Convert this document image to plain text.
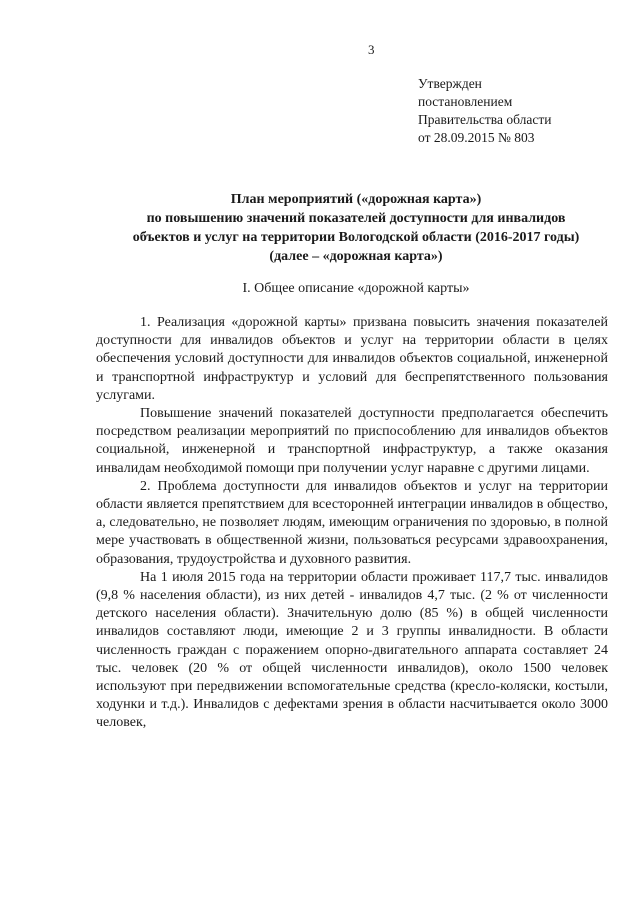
3
Утвержден
постановлением
Правительства области
от 28.09.2015 № 803
План мероприятий («дорожная карта»)
по повышению значений показателей доступности для инвалидов
объектов и услуг на территории Вологодской области (2016-2017 годы)
(далее – «дорожная карта»)
I. Общее описание «дорожной карты»

1. Реализация «дорожной карты» призвана повысить значения показателей доступности для инвалидов объектов и услуг на территории области в целях обеспечения условий доступности для инвалидов объектов социальной, инженерной и транспортной инфраструктур и условий для беспрепятственного пользования услугами.

Повышение значений показателей доступности предполагается обеспечить посредством реализации мероприятий по приспособлению для инвалидов объектов социальной, инженерной и транспортной инфраструктур, а также оказания инвалидам необходимой помощи при получении услуг наравне с другими лицами.

2. Проблема доступности для инвалидов объектов и услуг на территории области является препятствием для всесторонней интеграции инвалидов в общество, а, следовательно, не позволяет людям, имеющим ограничения по здоровью, в полной мере участвовать в общественной жизни, пользоваться ресурсами здравоохранения, образования, трудоустройства и духовного развития.

На 1 июля 2015 года на территории области проживает 117,7 тыс. инвалидов (9,8 % населения области), из них детей - инвалидов 4,7 тыс. (2 % от численности детского населения области). Значительную долю (85 %) в общей численности инвалидов составляют люди, имеющие 2 и 3 группы инвалидности. В области численность граждан с поражением опорно-двигательного аппарата составляет 24 тыс. человек (20 % от общей численности инвалидов), около 1500 человек используют при передвижении вспомогательные средства (кресло-коляски, костыли, ходунки и т.д.). Инвалидов с дефектами зрения в области насчитывается около 3000 человек,
